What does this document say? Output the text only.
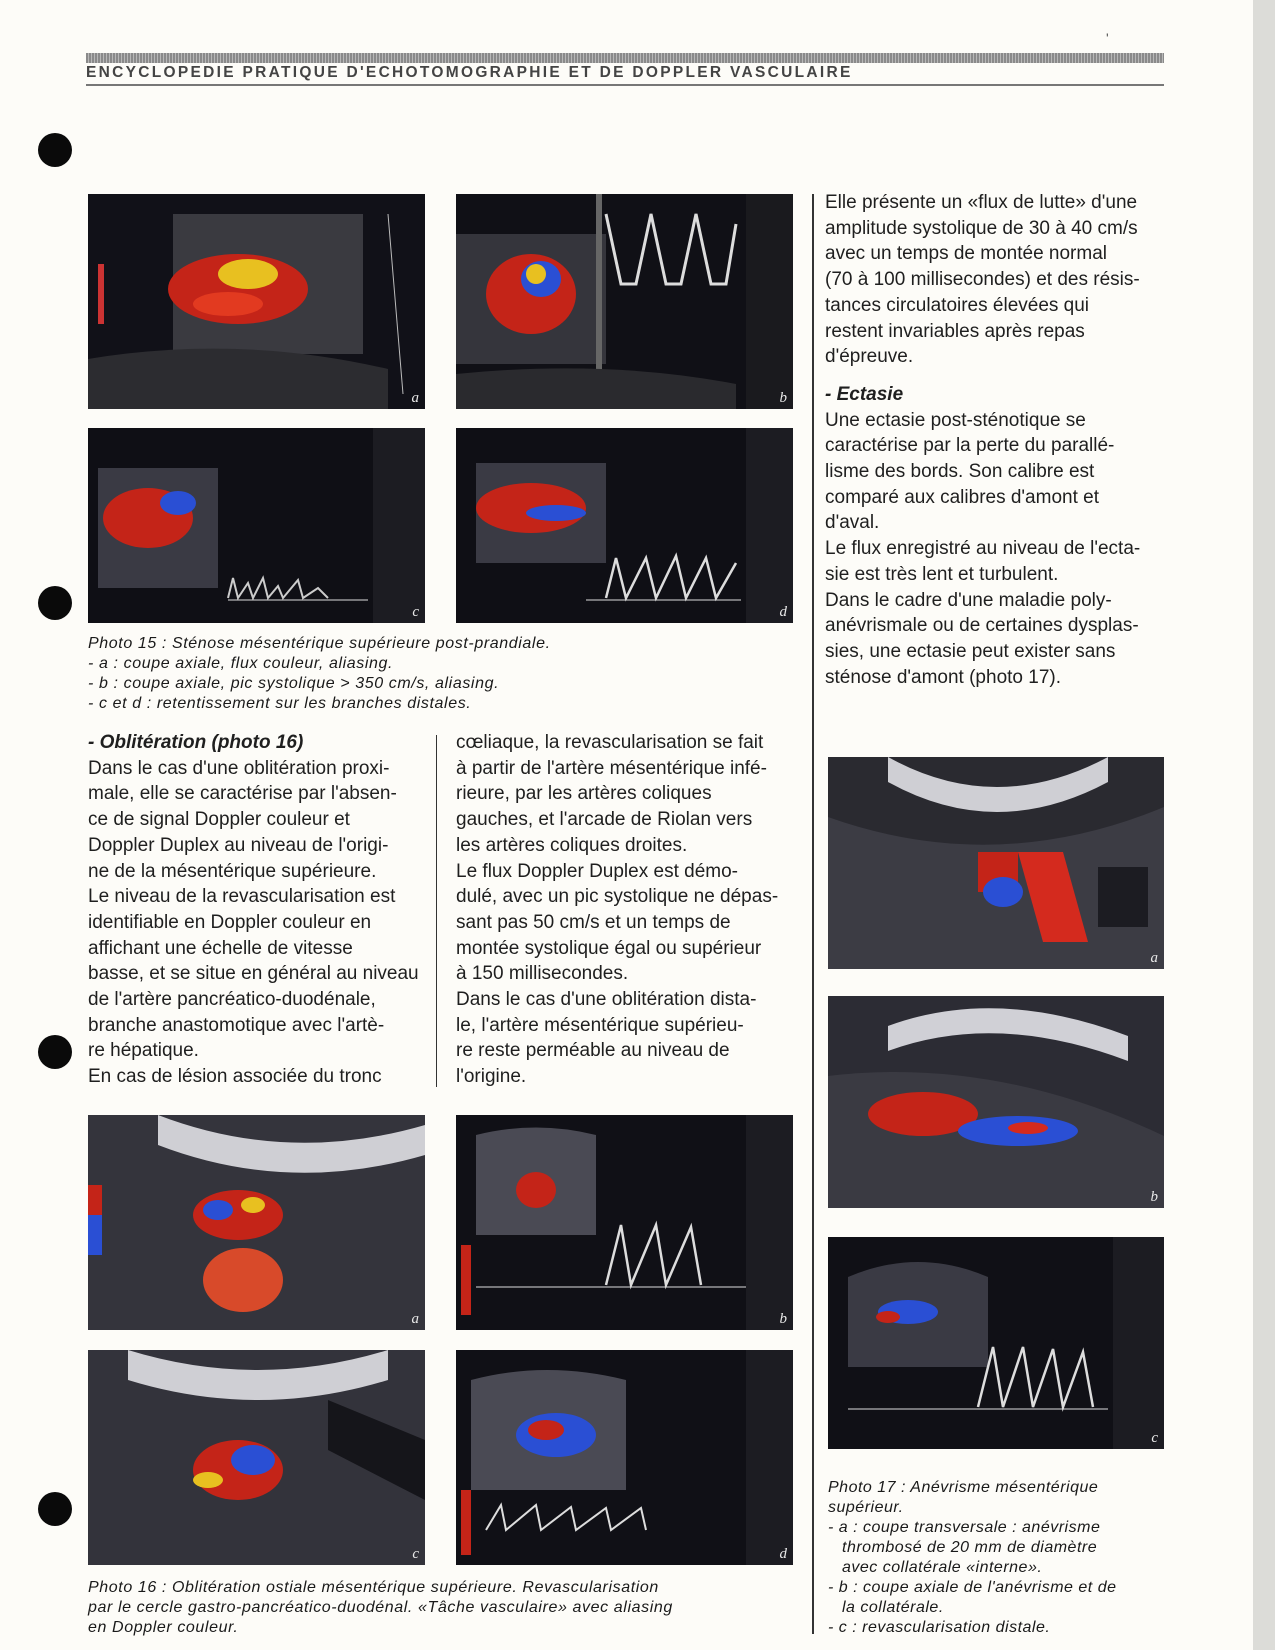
ʹ
ENCYCLOPEDIE PRATIQUE D'ECHOTOMOGRAPHIE ET DE DOPPLER VASCULAIRE
a	b
c	d
Photo 15 : Sténose mésentérique supérieure post-prandiale.
- a : coupe axiale, flux couleur, aliasing.
- b : coupe axiale, pic systolique > 350 cm/s, aliasing.
- c et d : retentissement sur les branches distales.
- Oblitération (photo 16)
Dans le cas d'une oblitération proxi-
male, elle se caractérise par l'absen-
ce de signal Doppler couleur et
Doppler Duplex au niveau de l'origi-
ne de la mésentérique supérieure.
Le niveau de la revascularisation est
identifiable en Doppler couleur en
affichant une échelle de vitesse
basse, et se situe en général au niveau
de l'artère pancréatico-duodénale,
branche anastomotique avec l'artè-
re hépatique.
En cas de lésion associée du tronc
cœliaque, la revascularisation se fait
à partir de l'artère mésentérique infé-
rieure, par les artères coliques
gauches, et l'arcade de Riolan vers
les artères coliques droites.
Le flux Doppler Duplex est démo-
dulé, avec un pic systolique ne dépas-
sant pas 50 cm/s et un temps de
montée systolique égal ou supérieur
à 150 millisecondes.
Dans le cas d'une oblitération dista-
le, l'artère mésentérique supérieu-
re reste perméable au niveau de
l'origine.
Elle présente un «flux de lutte» d'une
amplitude systolique de 30 à 40 cm/s
avec un temps de montée normal
(70 à 100 millisecondes) et des résis-
tances circulatoires élevées qui
restent invariables après repas
d'épreuve.
- Ectasie
Une ectasie post-sténotique se
caractérise par la perte du parallé-
lisme des bords. Son calibre est
comparé aux calibres d'amont et
d'aval.
Le flux enregistré au niveau de l'ecta-
sie est très lent et turbulent.
Dans le cadre d'une maladie poly-
anévrismale ou de certaines dysplas-
sies, une ectasie peut exister sans
sténose d'amont (photo 17).
a
b
c
Photo 17 : Anévrisme mésentérique
supérieur.
- a : coupe transversale : anévrisme
thrombosé de 20 mm de diamètre
avec collatérale «interne».
- b : coupe axiale de l'anévrisme et de
la collatérale.
- c : revascularisation distale.
a	b
c	d
Photo 16 : Oblitération ostiale mésentérique supérieure. Revascularisation
par le cercle gastro-pancréatico-duodénal. «Tâche vasculaire» avec aliasing
en Doppler couleur.
